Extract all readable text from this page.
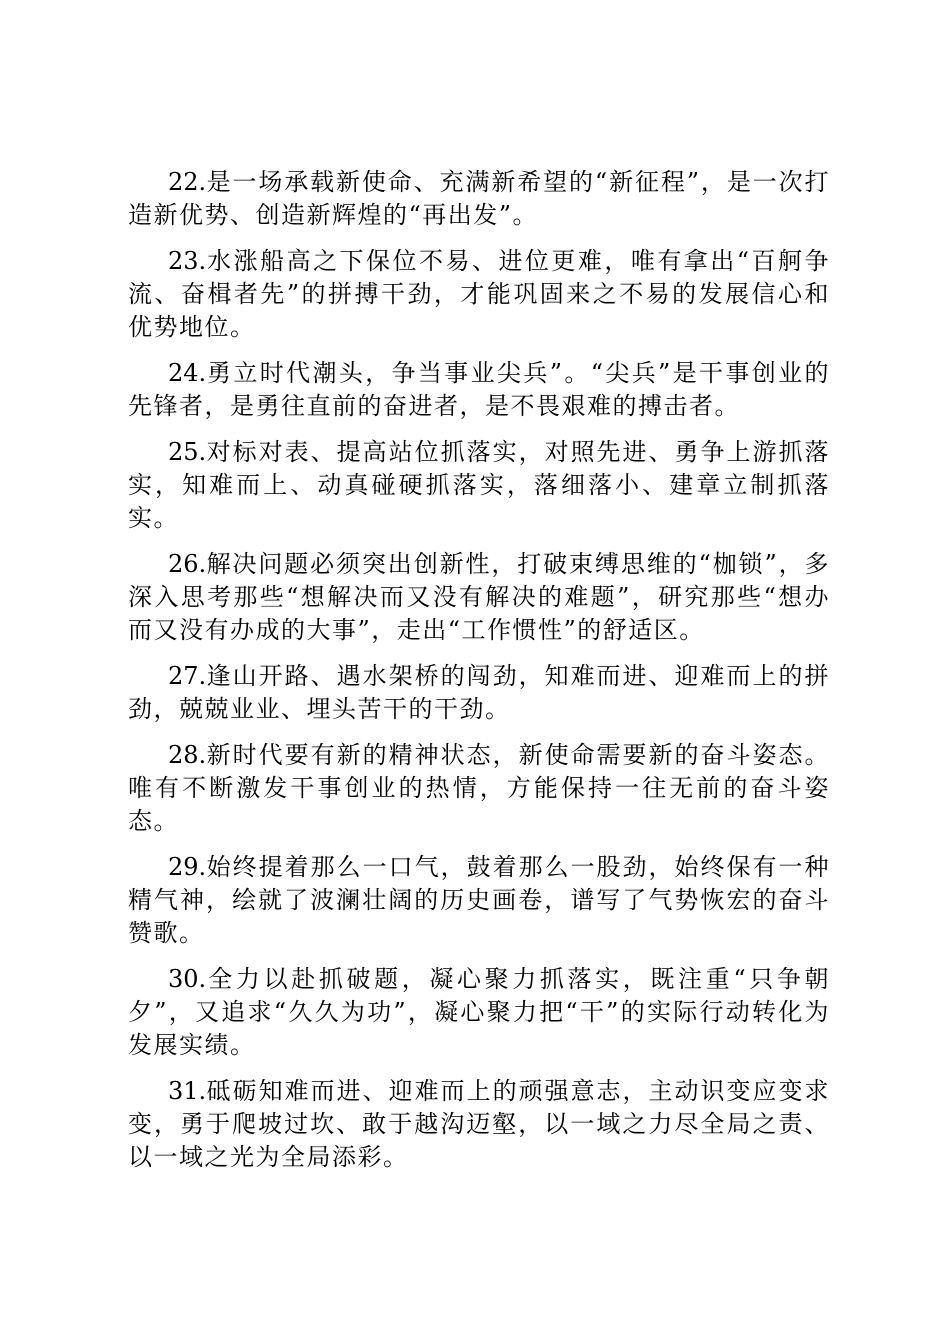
22.是一场承载新使命、充满新希望的“新征程”，是一次打造新优势、创造新辉煌的“再出发”。

23.水涨船高之下保位不易、进位更难，唯有拿出“百舸争流、奋楫者先”的拼搏干劲，才能巩固来之不易的发展信心和优势地位。

24.勇立时代潮头，争当事业尖兵”。“尖兵”是干事创业的先锋者，是勇往直前的奋进者，是不畏艰难的搏击者。

25.对标对表、提高站位抓落实，对照先进、勇争上游抓落实，知难而上、动真碰硬抓落实，落细落小、建章立制抓落实。

26.解决问题必须突出创新性，打破束缚思维的“枷锁”，多深入思考那些“想解决而又没有解决的难题”，研究那些“想办而又没有办成的大事”，走出“工作惯性”的舒适区。

27.逢山开路、遇水架桥的闯劲，知难而进、迎难而上的拼劲，兢兢业业、埋头苦干的干劲。

28.新时代要有新的精神状态，新使命需要新的奋斗姿态。唯有不断激发干事创业的热情，方能保持一往无前的奋斗姿态。

29.始终提着那么一口气，鼓着那么一股劲，始终保有一种精气神，绘就了波澜壮阔的历史画卷，谱写了气势恢宏的奋斗赞歌。

30.全力以赴抓破题，凝心聚力抓落实，既注重“只争朝夕”，又追求“久久为功”，凝心聚力把“干”的实际行动转化为发展实绩。

31.砥砺知难而进、迎难而上的顽强意志，主动识变应变求变，勇于爬坡过坎、敢于越沟迈壑，以一域之力尽全局之责、以一域之光为全局添彩。
